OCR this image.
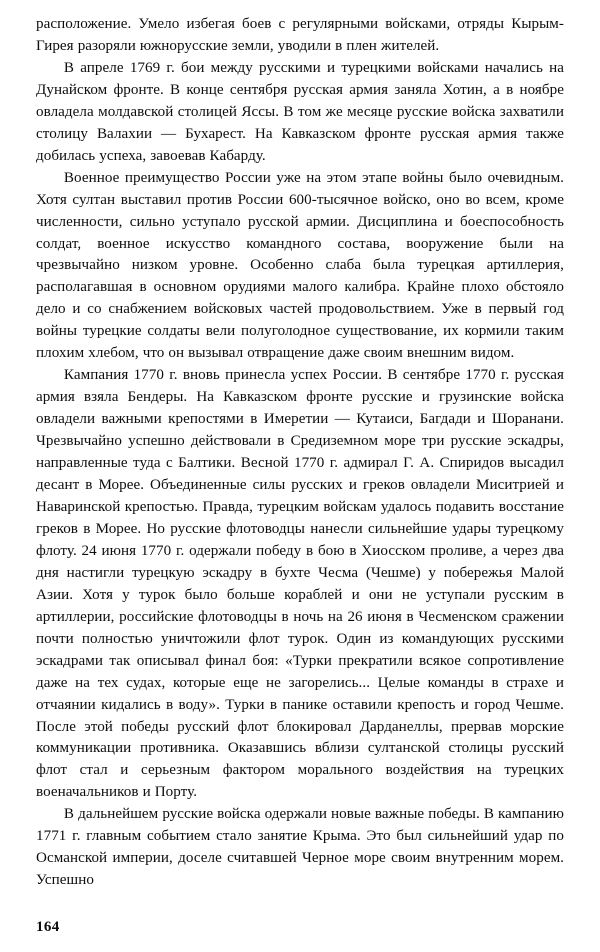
расположение. Умело избегая боев с регулярными войсками, отряды Кырым-Гирея разоряли южнорусские земли, уводили в плен жителей.

В апреле 1769 г. бои между русскими и турецкими войсками начались на Дунайском фронте. В конце сентября русская армия заняла Хотин, а в ноябре овладела молдавской столицей Яссы. В том же месяце русские войска захватили столицу Валахии — Бухарест. На Кавказском фронте русская армия также добилась успеха, завоевав Кабарду.

Военное преимущество России уже на этом этапе войны было очевидным. Хотя султан выставил против России 600-тысячное войско, оно во всем, кроме численности, сильно уступало русской армии. Дисциплина и боеспособность солдат, военное искусство командного состава, вооружение были на чрезвычайно низком уровне. Особенно слаба была турецкая артиллерия, располагавшая в основном орудиями малого калибра. Крайне плохо обстояло дело и со снабжением войсковых частей продовольствием. Уже в первый год войны турецкие солдаты вели полуголодное существование, их кормили таким плохим хлебом, что он вызывал отвращение даже своим внешним видом.

Кампания 1770 г. вновь принесла успех России. В сентябре 1770 г. русская армия взяла Бендеры. На Кавказском фронте русские и грузинские войска овладели важными крепостями в Имеретии — Кутаиси, Багдади и Шоранани. Чрезвычайно успешно действовали в Средиземном море три русские эскадры, направленные туда с Балтики. Весной 1770 г. адмирал Г. А. Спиридов высадил десант в Морее. Объединенные силы русских и греков овладели Миситрией и Наваринской крепостью. Правда, турецким войскам удалось подавить восстание греков в Морее. Но русские флотоводцы нанесли сильнейшие удары турецкому флоту. 24 июня 1770 г. одержали победу в бою в Хиосском проливе, а через два дня настигли турецкую эскадру в бухте Чесма (Чешме) у побережья Малой Азии. Хотя у турок было больше кораблей и они не уступали русским в артиллерии, российские флотоводцы в ночь на 26 июня в Чесменском сражении почти полностью уничтожили флот турок. Один из командующих русскими эскадрами так описывал финал боя: «Турки прекратили всякое сопротивление даже на тех судах, которые еще не загорелись... Целые команды в страхе и отчаянии кидались в воду». Турки в панике оставили крепость и город Чешме. После этой победы русский флот блокировал Дарданеллы, прервав морские коммуникации противника. Оказавшись вблизи султанской столицы русский флот стал и серьезным фактором морального воздействия на турецких военачальников и Порту.

В дальнейшем русские войска одержали новые важные победы. В кампанию 1771 г. главным событием стало занятие Крыма. Это был сильнейший удар по Османской империи, доселе считавшей Черное море своим внутренним морем. Успешно

164
